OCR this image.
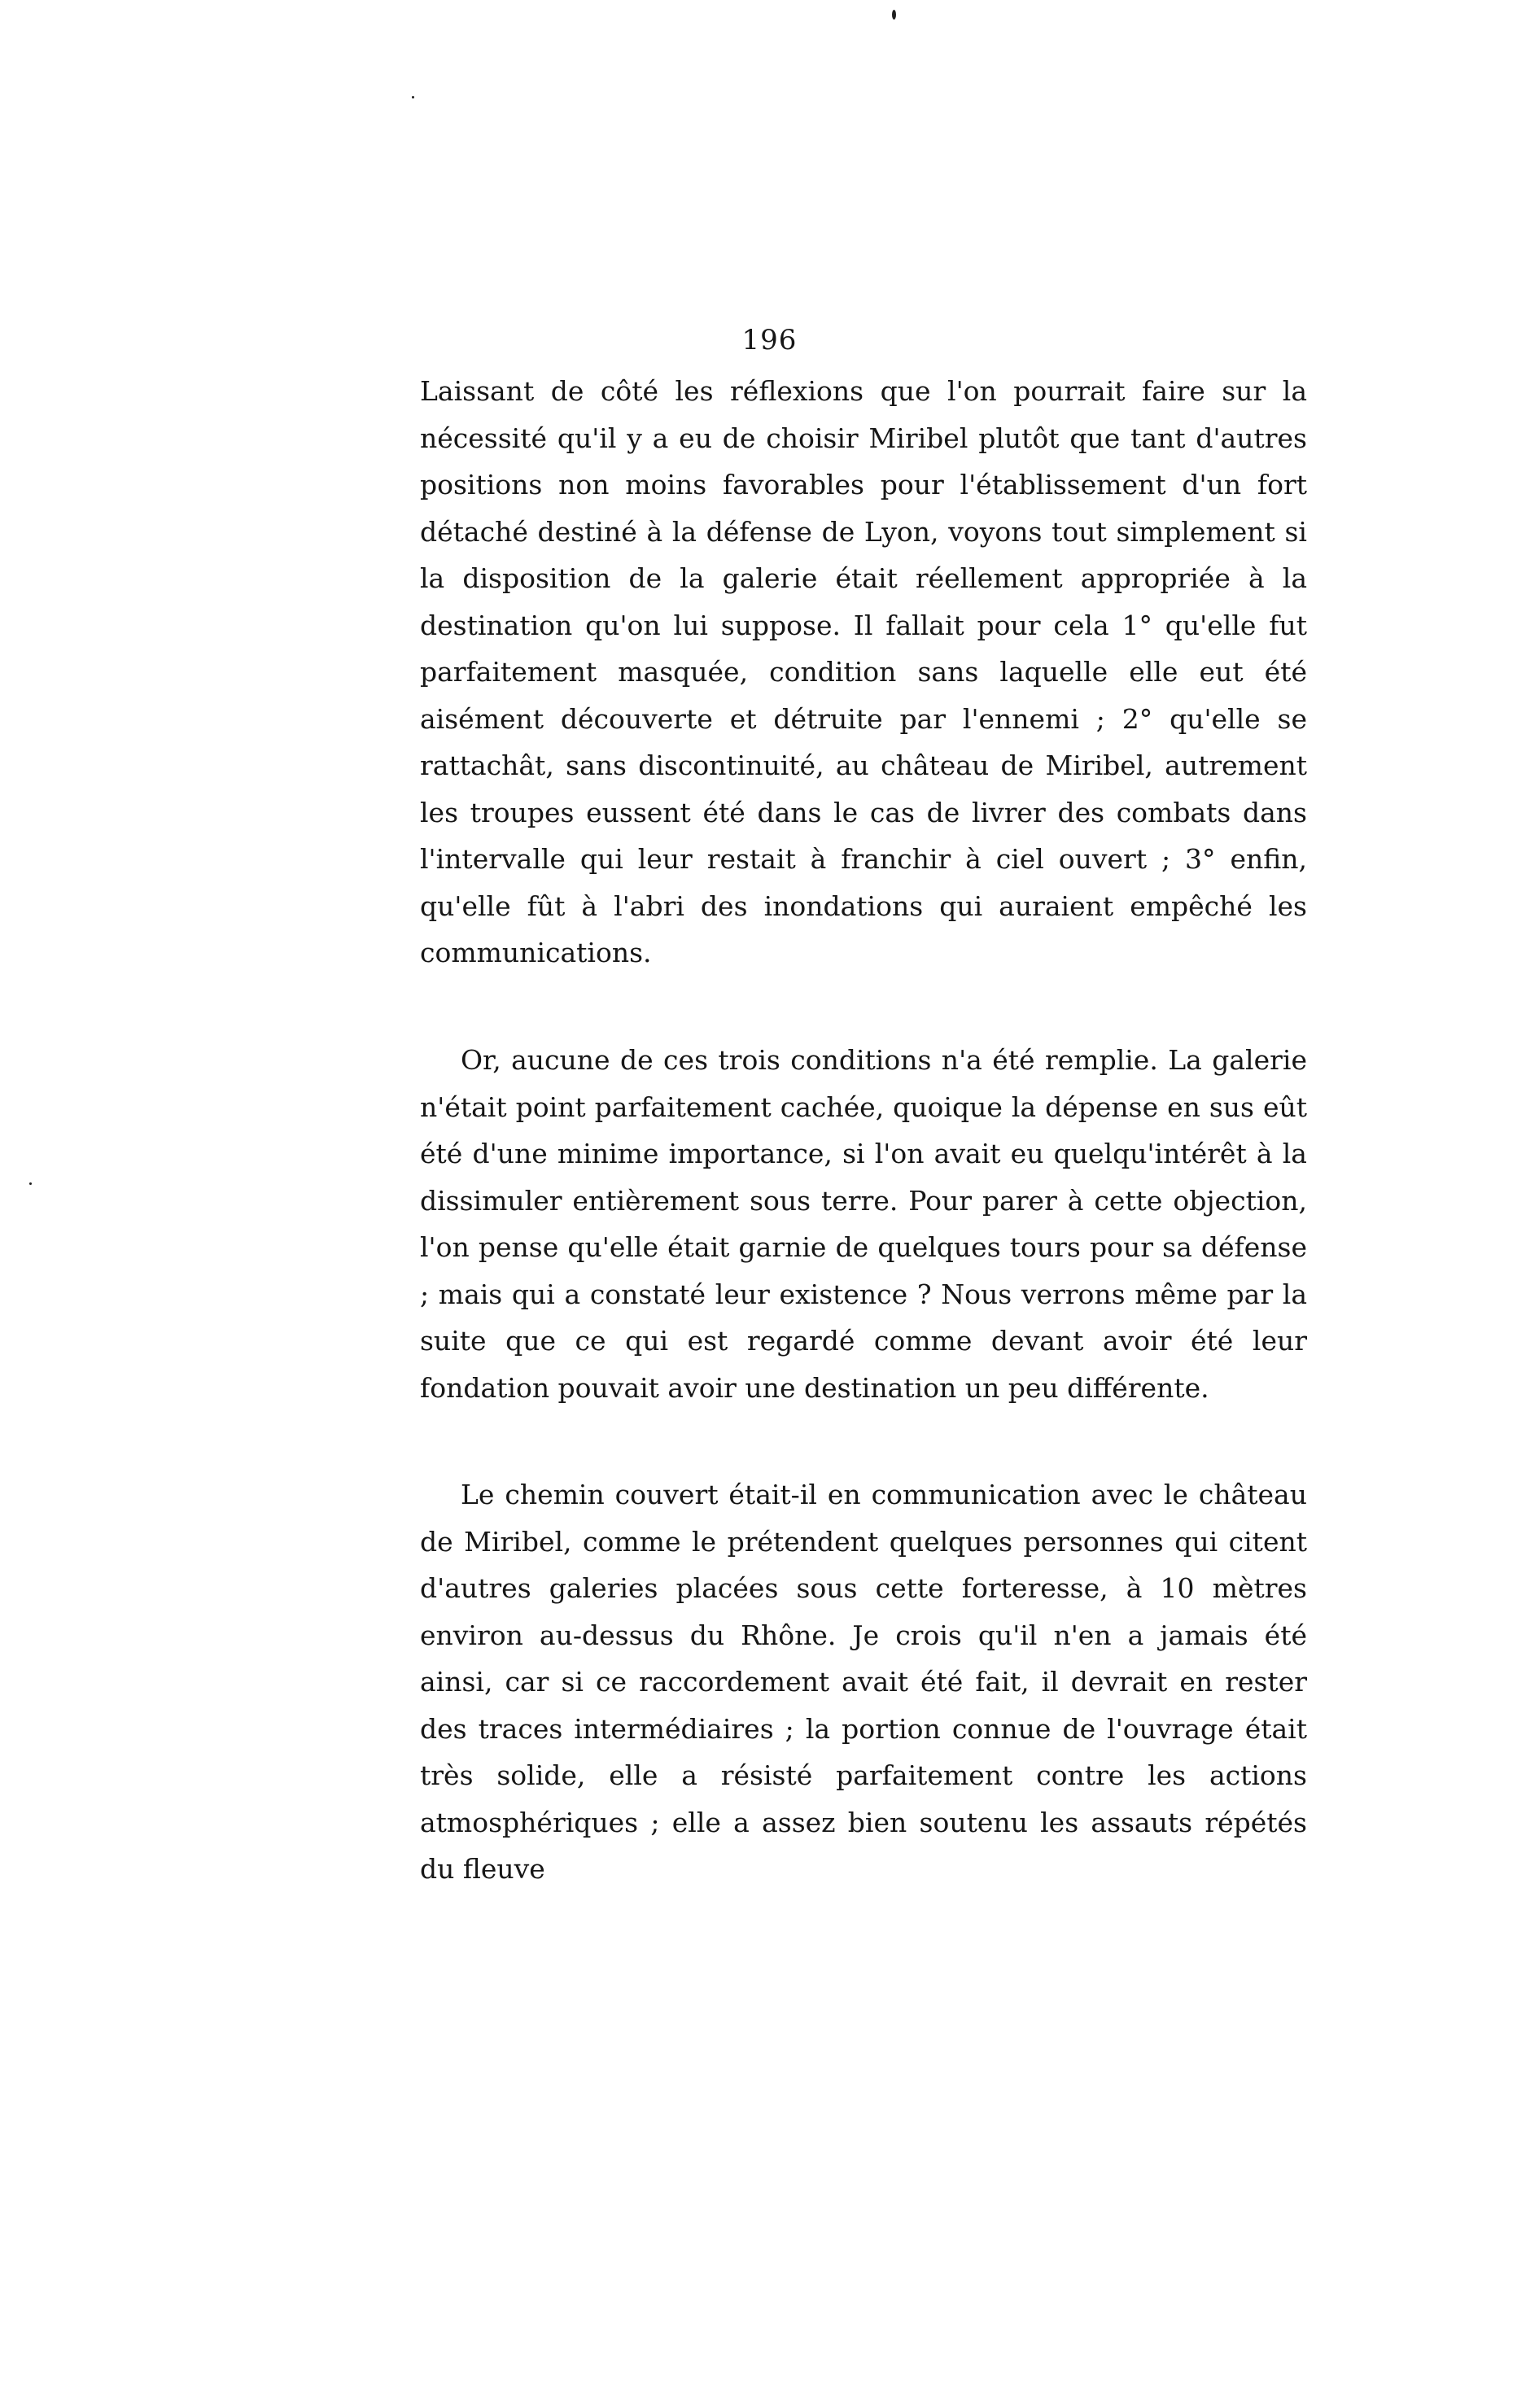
196

Laissant de côté les réflexions que l'on pourrait faire sur la nécessité qu'il y a eu de choisir Miribel plutôt que tant d'autres positions non moins favorables pour l'établissement d'un fort détaché destiné à la défense de Lyon, voyons tout simplement si la disposition de la galerie était réellement appropriée à la destination qu'on lui suppose. Il fallait pour cela 1° qu'elle fut parfaitement masquée, condition sans laquelle elle eut été aisément découverte et détruite par l'ennemi ; 2° qu'elle se rattachât, sans discontinuité, au château de Miribel, autrement les troupes eussent été dans le cas de livrer des combats dans l'intervalle qui leur restait à franchir à ciel ouvert ; 3° enfin, qu'elle fût à l'abri des inondations qui auraient empêché les communications.

Or, aucune de ces trois conditions n'a été remplie. La galerie n'était point parfaitement cachée, quoique la dépense en sus eût été d'une minime importance, si l'on avait eu quelqu'intérêt à la dissimuler entièrement sous terre. Pour parer à cette objection, l'on pense qu'elle était garnie de quelques tours pour sa défense ; mais qui a constaté leur existence ? Nous verrons même par la suite que ce qui est regardé comme devant avoir été leur fondation pouvait avoir une destination un peu différente.

Le chemin couvert était-il en communication avec le château de Miribel, comme le prétendent quelques personnes qui citent d'autres galeries placées sous cette forteresse, à 10 mètres environ au-dessus du Rhône. Je crois qu'il n'en a jamais été ainsi, car si ce raccordement avait été fait, il devrait en rester des traces intermédiaires ; la portion connue de l'ouvrage était très solide, elle a résisté parfaitement contre les actions atmosphériques ; elle a assez bien soutenu les assauts répétés du fleuve
